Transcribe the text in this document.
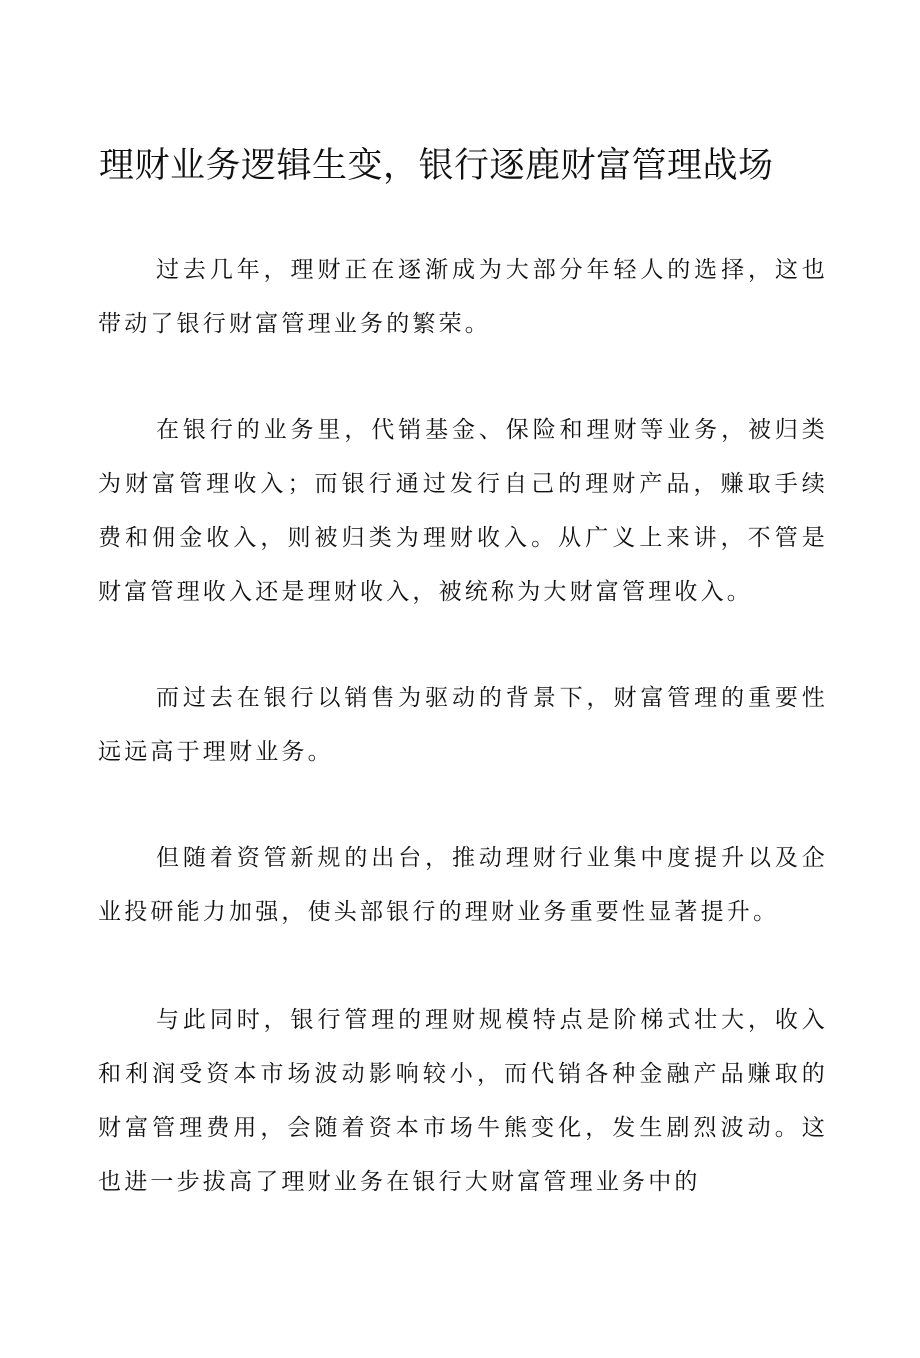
理财业务逻辑生变，银行逐鹿财富管理战场

过去几年，理财正在逐渐成为大部分年轻人的选择，这也带动了银行财富管理业务的繁荣。

在银行的业务里，代销基金、保险和理财等业务，被归类为财富管理收入；而银行通过发行自己的理财产品，赚取手续费和佣金收入，则被归类为理财收入。从广义上来讲，不管是财富管理收入还是理财收入，被统称为大财富管理收入。

而过去在银行以销售为驱动的背景下，财富管理的重要性远远高于理财业务。

但随着资管新规的出台，推动理财行业集中度提升以及企业投研能力加强，使头部银行的理财业务重要性显著提升。

与此同时，银行管理的理财规模特点是阶梯式壮大，收入和利润受资本市场波动影响较小，而代销各种金融产品赚取的财富管理费用，会随着资本市场牛熊变化，发生剧烈波动。这也进一步拔高了理财业务在银行大财富管理业务中的
